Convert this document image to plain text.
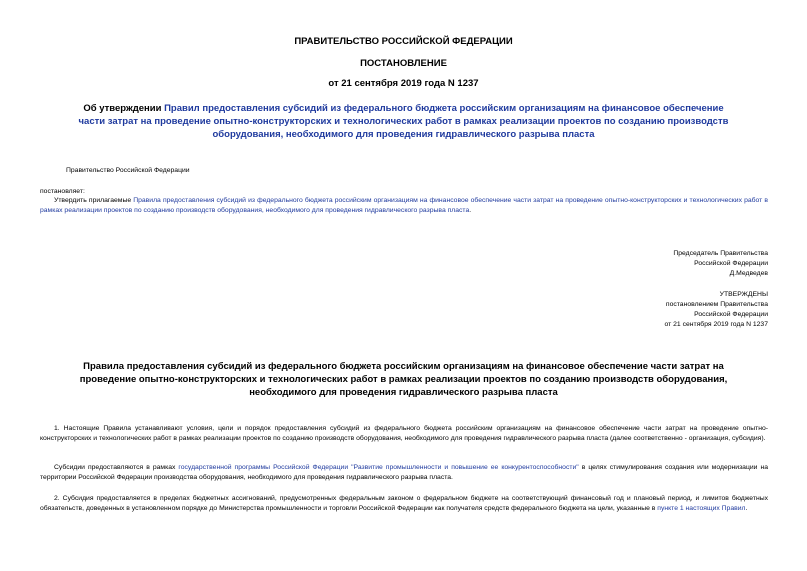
ПРАВИТЕЛЬСТВО РОССИЙСКОЙ ФЕДЕРАЦИИ
ПОСТАНОВЛЕНИЕ
от 21 сентября 2019 года N 1237
Об утверждении Правил предоставления субсидий из федерального бюджета российским организациям на финансовое обеспечение части затрат на проведение опытно-конструкторских и технологических работ в рамках реализации проектов по созданию производств оборудования, необходимого для проведения гидравлического разрыва пласта
Правительство Российской Федерации
постановляет:
Утвердить прилагаемые Правила предоставления субсидий из федерального бюджета российским организациям на финансовое обеспечение части затрат на проведение опытно-конструкторских и технологических работ в рамках реализации проектов по созданию производств оборудования, необходимого для проведения гидравлического разрыва пласта.
Председатель Правительства
Российской Федерации
Д.Медведев
УТВЕРЖДЕНЫ
постановлением Правительства
Российской Федерации
от 21 сентября 2019 года N 1237
Правила предоставления субсидий из федерального бюджета российским организациям на финансовое обеспечение части затрат на проведение опытно-конструкторских и технологических работ в рамках реализации проектов по созданию производств оборудования, необходимого для проведения гидравлического разрыва пласта
1. Настоящие Правила устанавливают условия, цели и порядок предоставления субсидий из федерального бюджета российским организациям на финансовое обеспечение части затрат на проведение опытно-конструкторских и технологических работ в рамках реализации проектов по созданию производств оборудования, необходимого для проведения гидравлического разрыва пласта (далее соответственно - организация, субсидия).
Субсидии предоставляются в рамках государственной программы Российской Федерации "Развитие промышленности и повышение ее конкурентоспособности" в целях стимулирования создания или модернизации на территории Российской Федерации производства оборудования, необходимого для проведения гидравлического разрыва пласта.
2. Субсидия предоставляется в пределах бюджетных ассигнований, предусмотренных федеральным законом о федеральном бюджете на соответствующий финансовый год и плановый период, и лимитов бюджетных обязательств, доведенных в установленном порядке до Министерства промышленности и торговли Российской Федерации как получателя средств федерального бюджета на цели, указанные в пункте 1 настоящих Правил.
